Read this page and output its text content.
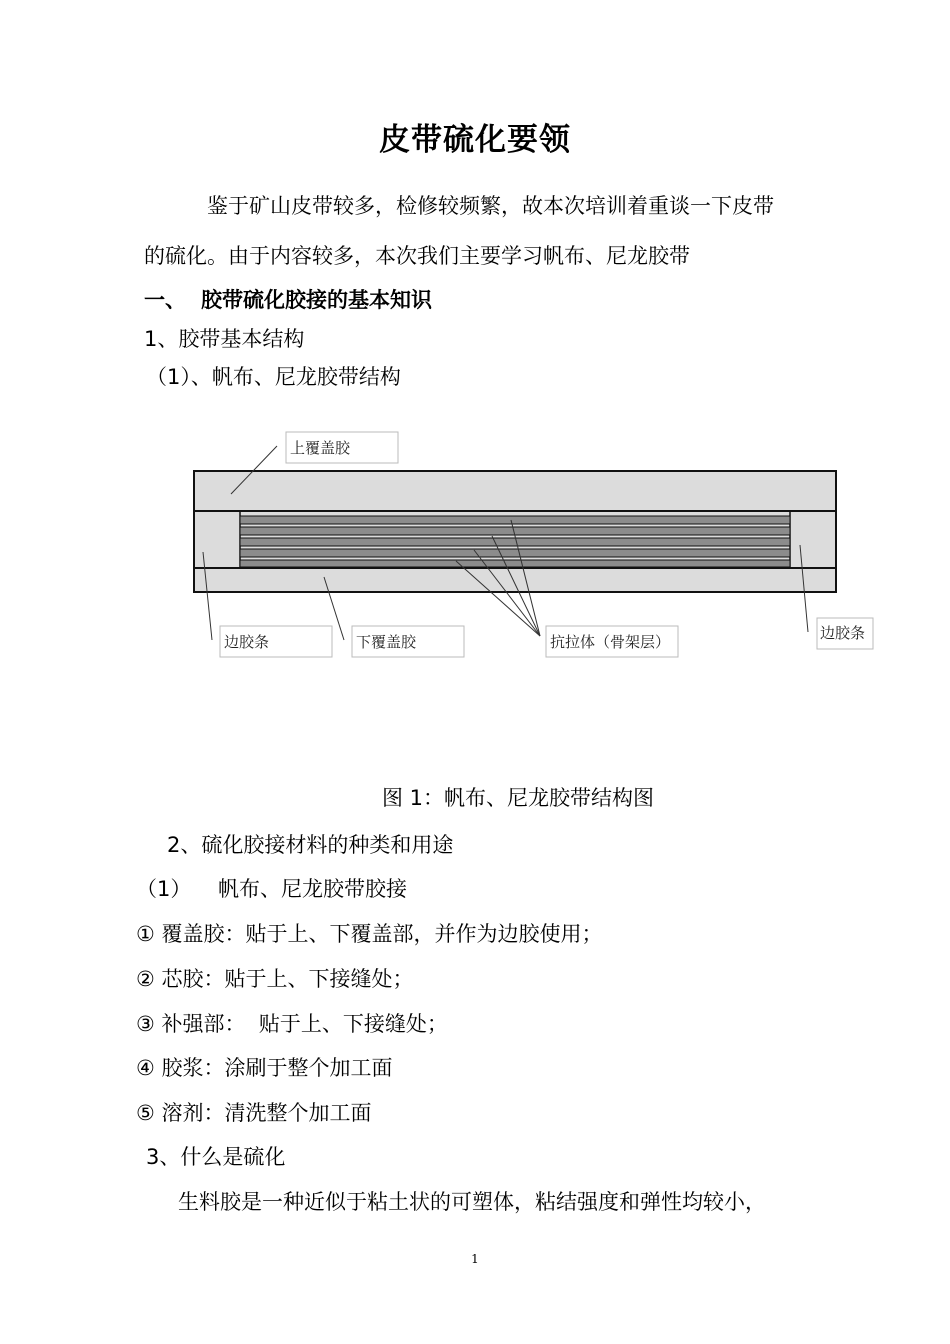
皮带硫化要领
鉴于矿山皮带较多，检修较频繁，故本次培训着重谈一下皮带
的硫化。由于内容较多，本次我们主要学习帆布、尼龙胶带
一、 胶带硫化胶接的基本知识
1、胶带基本结构
（1）、帆布、尼龙胶带结构
上覆盖胶
边胶条	下覆盖胶	抗拉体（骨架层）	边胶条
图 1：帆布、尼龙胶带结构图
2、硫化胶接材料的种类和用途
（1）    帆布、尼龙胶带胶接
① 覆盖胶：贴于上、下覆盖部，并作为边胶使用；
② 芯胶：贴于上、下接缝处；
③ 补强部：  贴于上、下接缝处；
④ 胶浆：涂刷于整个加工面
⑤ 溶剂：清洗整个加工面
3、什么是硫化
生料胶是一种近似于粘土状的可塑体，粘结强度和弹性均较小，
1
